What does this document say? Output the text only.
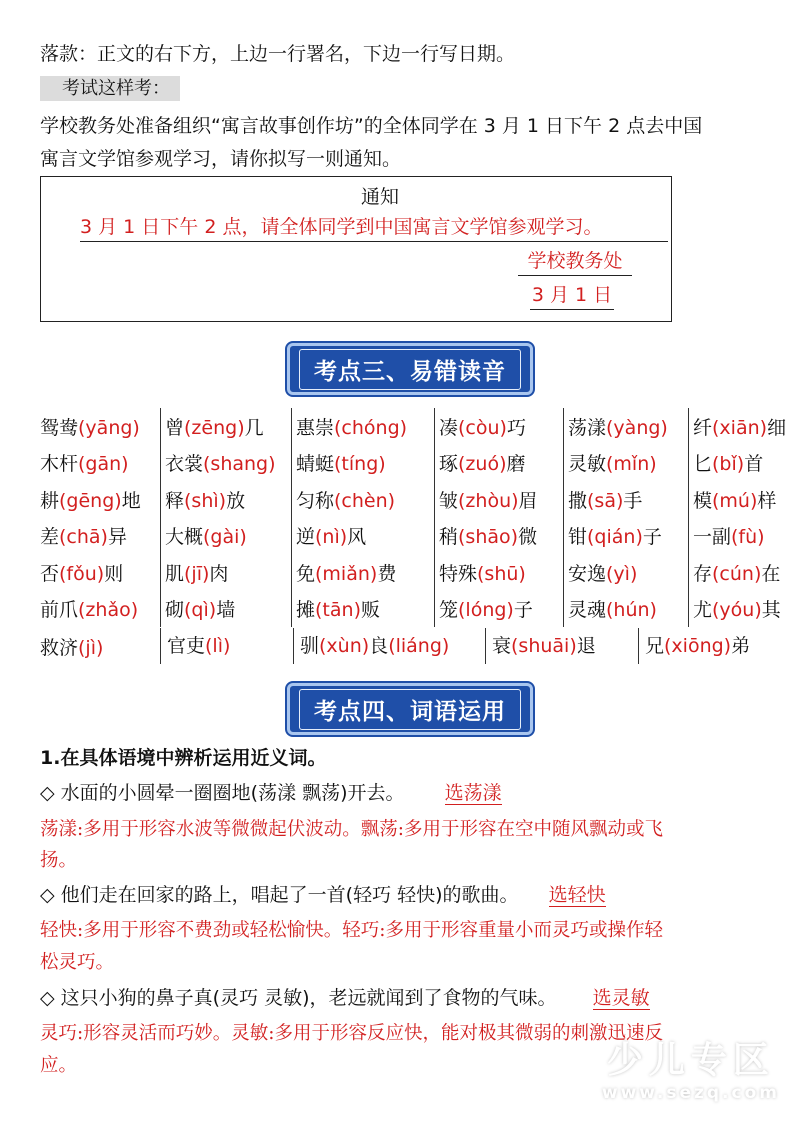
落款：正文的右下方，上边一行署名，下边一行写日期。
考试这样考：
学校教务处准备组织“寓言故事创作坊”的全体同学在 3 月 1 日下午 2 点去中国
寓言文学馆参观学习，请你拟写一则通知。
通知
3 月 1 日下午 2 点，请全体同学到中国寓言文学馆参观学习。
学校教务处
3 月 1 日
考点三、易错读音
鸳鸯(yāng)	曾(zēng)几	惠崇(chóng)	凑(còu)巧	荡漾(yàng)	纤(xiān)细
木杆(gān)	衣裳(shang)	蜻蜓(tíng)	琢(zuó)磨	灵敏(mǐn)	匕(bǐ)首
耕(gēng)地	释(shì)放	匀称(chèn)	皱(zhòu)眉	撒(sā)手	模(mú)样
差(chā)异	大概(gài)	逆(nì)风	稍(shāo)微	钳(qián)子	一副(fù)
否(fǒu)则	肌(jī)肉	免(miǎn)费	特殊(shū)	安逸(yì)	存(cún)在
前爪(zhǎo)	砌(qì)墙	摊(tān)贩	笼(lóng)子	灵魂(hún)	尤(yóu)其
救济(jì)	官吏(lì)	驯(xùn)良(liáng)	衰(shuāi)退	兄(xiōng)弟
考点四、词语运用
1.在具体语境中辨析运用近义词。
◇ 水面的小圆晕一圈圈地(荡漾 飘荡)开去。 选荡漾
荡漾:多用于形容水波等微微起伏波动。飘荡:多用于形容在空中随风飘动或飞
扬。
◇ 他们走在回家的路上，唱起了一首(轻巧 轻快)的歌曲。 选轻快
轻快:多用于形容不费劲或轻松愉快。轻巧:多用于形容重量小而灵巧或操作轻
松灵巧。
◇ 这只小狗的鼻子真(灵巧 灵敏)，老远就闻到了食物的气味。 选灵敏
灵巧:形容灵活而巧妙。灵敏:多用于形容反应快，能对极其微弱的刺激迅速反
应。	少儿专区
www.sezq.com
